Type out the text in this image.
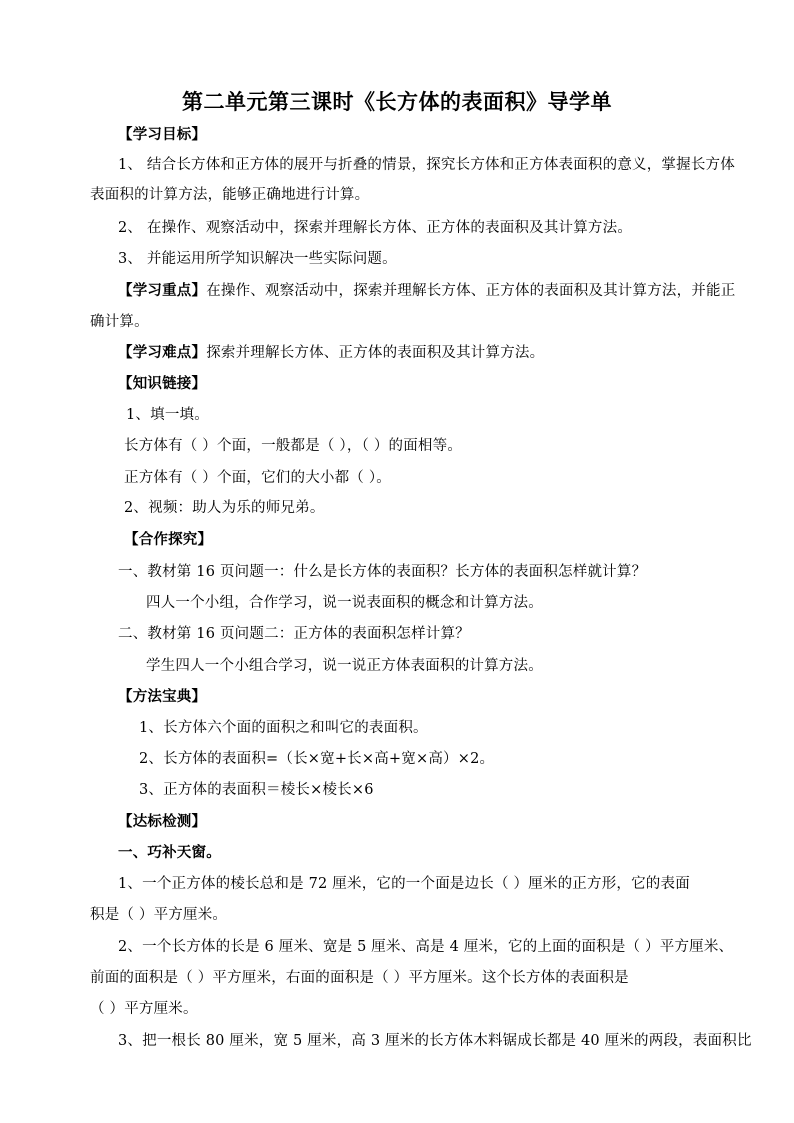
第二单元第三课时《长方体的表面积》导学单
【学习目标】
1、 结合长方体和正方体的展开与折叠的情景，探究长方体和正方体表面积的意义，掌握长方体
表面积的计算方法，能够正确地进行计算。
2、 在操作、观察活动中，探索并理解长方体、正方体的表面积及其计算方法。
3、 并能运用所学知识解决一些实际问题。
【学习重点】在操作、观察活动中，探索并理解长方体、正方体的表面积及其计算方法，并能正
确计算。
【学习难点】探索并理解长方体、正方体的表面积及其计算方法。
【知识链接】
1、填一填。
长方体有（ ）个面，一般都是（ ），（ ）的面相等。
正方体有（ ）个面，它们的大小都（ ）。
2、视频：助人为乐的师兄弟。
【合作探究】
一、教材第 16 页问题一：什么是长方体的表面积？长方体的表面积怎样就计算？
四人一个小组，合作学习，说一说表面积的概念和计算方法。
二、教材第 16 页问题二：正方体的表面积怎样计算？
学生四人一个小组合学习，说一说正方体表面积的计算方法。
【方法宝典】
1、长方体六个面的面积之和叫它的表面积。
2、长方体的表面积=（长×宽+长×高+宽×高）×2。
3、正方体的表面积＝棱长×棱长×6
【达标检测】
一、巧补天窗。
1、一个正方体的棱长总和是 72 厘米，它的一个面是边长（ ）厘米的正方形，它的表面
积是（ ）平方厘米。
2、一个长方体的长是 6 厘米、宽是 5 厘米、高是 4 厘米，它的上面的面积是（ ）平方厘米、
前面的面积是（ ）平方厘米，右面的面积是（ ）平方厘米。这个长方体的表面积是
（ ）平方厘米。
3、把一根长 80 厘米，宽 5 厘米，高 3 厘米的长方体木料锯成长都是 40 厘米的两段，表面积比
